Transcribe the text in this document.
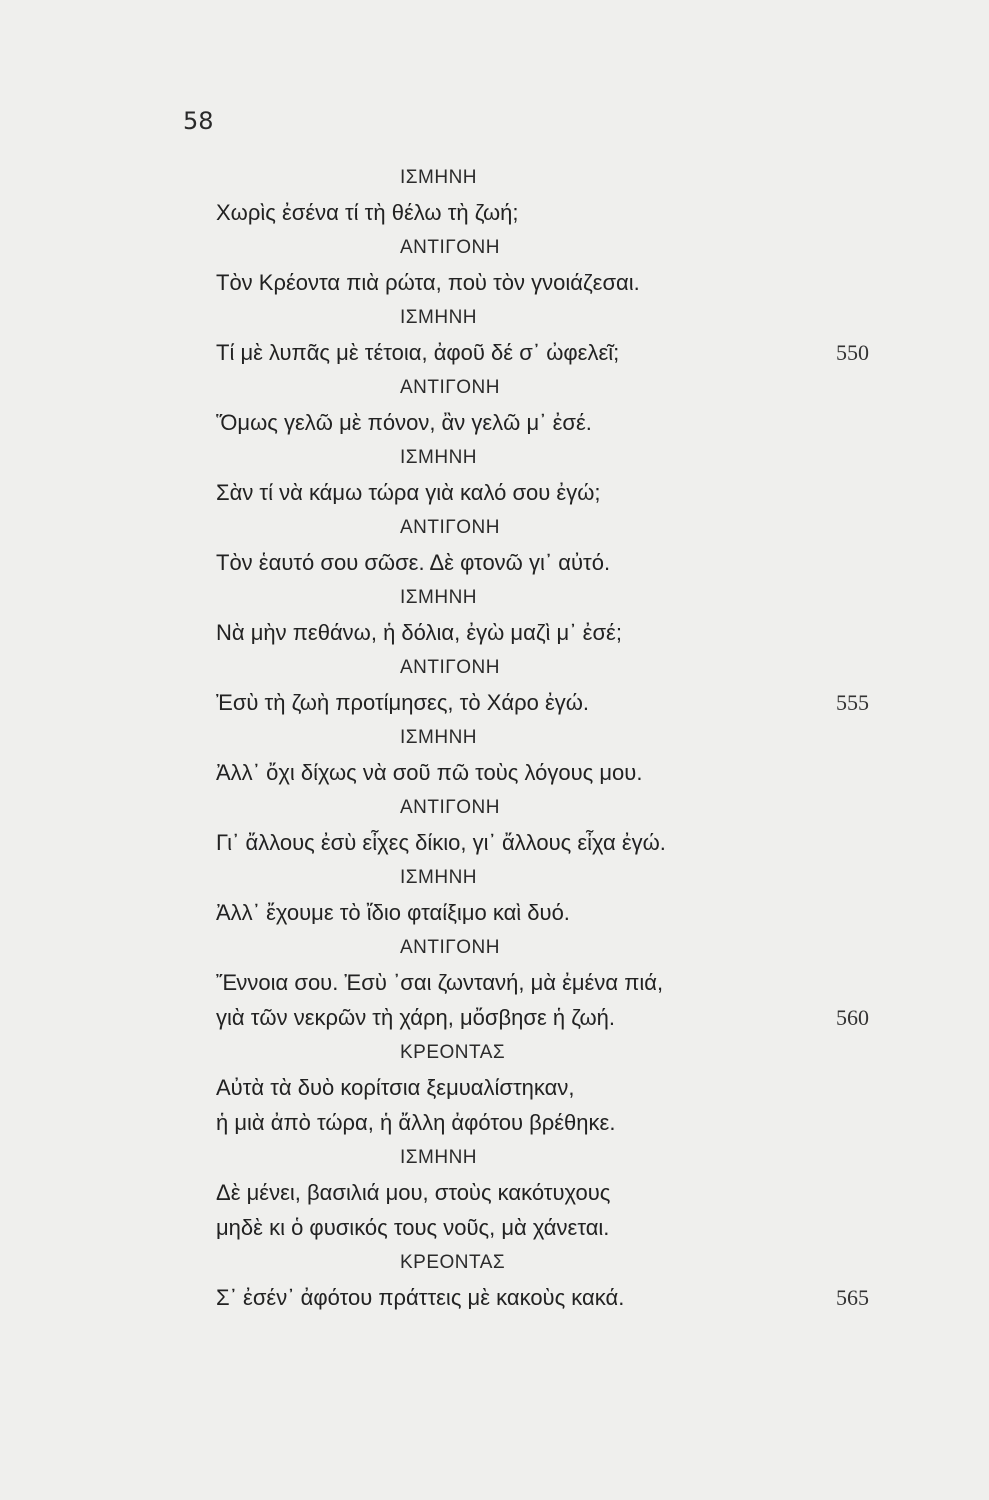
58
ΙΣΜΗΝΗ
Χωρὶς ἐσένα τί τὴ θέλω τὴ ζωή;
ΑΝΤΙΓΟΝΗ
Τὸν Κρέοντα πιὰ ρώτα, ποὺ τὸν γνοιάζεσαι.
ΙΣΜΗΝΗ
Τί μὲ λυπᾶς μὲ τέτοια, ἀφοῦ δέ σ᾽ ὠφελεῖ;	550
ΑΝΤΙΓΟΝΗ
Ὅμως γελῶ μὲ πόνον, ἂν γελῶ μ᾽ ἐσέ.
ΙΣΜΗΝΗ
Σὰν τί νὰ κάμω τώρα γιὰ καλό σου ἐγώ;
ΑΝΤΙΓΟΝΗ
Τὸν ἑαυτό σου σῶσε. Δὲ φτονῶ γι᾽ αὐτό.
ΙΣΜΗΝΗ
Νὰ μὴν πεθάνω, ἡ δόλια, ἐγὼ μαζὶ μ᾽ ἐσέ;
ΑΝΤΙΓΟΝΗ
Ἐσὺ τὴ ζωὴ προτίμησες, τὸ Χάρο ἐγώ.	555
ΙΣΜΗΝΗ
Ἀλλ᾽ ὄχι δίχως νὰ σοῦ πῶ τοὺς λόγους μου.
ΑΝΤΙΓΟΝΗ
Γι᾽ ἄλλους ἐσὺ εἶχες δίκιο, γι᾽ ἄλλους εἶχα ἐγώ.
ΙΣΜΗΝΗ
Ἀλλ᾽ ἔχουμε τὸ ἴδιο φταίξιμο καὶ δυό.
ΑΝΤΙΓΟΝΗ
Ἔννοια σου. Ἐσὺ ᾽σαι ζωντανή, μὰ ἐμένα πιά,
γιὰ τῶν νεκρῶν τὴ χάρη, μὄσβησε ἡ ζωή.	560
ΚΡΕΟΝΤΑΣ
Αὐτὰ τὰ δυὸ κορίτσια ξεμυαλίστηκαν,
ἡ μιὰ ἀπὸ τώρα, ἡ ἄλλη ἀφότου βρέθηκε.
ΙΣΜΗΝΗ
Δὲ μένει, βασιλιά μου, στοὺς κακότυχους
μηδὲ κι ὁ φυσικός τους νοῦς, μὰ χάνεται.
ΚΡΕΟΝΤΑΣ
Σ᾽ ἐσέν᾽ ἀφότου πράττεις μὲ κακοὺς κακά.	565
